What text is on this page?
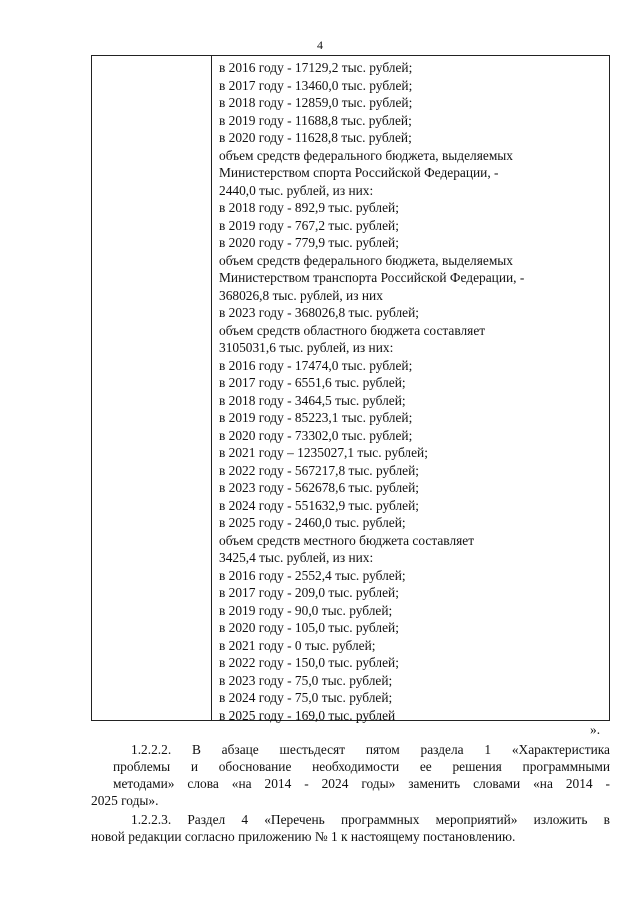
4
в 2016 году - 17129,2 тыс. рублей;
в 2017 году - 13460,0 тыс. рублей;
в 2018 году - 12859,0 тыс. рублей;
в 2019 году - 11688,8 тыс. рублей;
в 2020 году - 11628,8 тыс. рублей;
объем средств федерального бюджета, выделяемых
Министерством спорта Российской Федерации, -
2440,0 тыс. рублей, из них:
в 2018 году - 892,9 тыс. рублей;
в 2019 году - 767,2 тыс. рублей;
в 2020 году - 779,9 тыс. рублей;
объем средств федерального бюджета, выделяемых
Министерством транспорта Российской Федерации, -
368026,8 тыс. рублей, из них
в 2023 году - 368026,8 тыс. рублей;
объем средств областного бюджета составляет
3105031,6 тыс. рублей, из них:
в 2016 году - 17474,0 тыс. рублей;
в 2017 году - 6551,6 тыс. рублей;
в 2018 году - 3464,5 тыс. рублей;
в 2019 году - 85223,1 тыс. рублей;
в 2020 году - 73302,0 тыс. рублей;
в 2021 году – 1235027,1 тыс. рублей;
в 2022 году - 567217,8 тыс. рублей;
в 2023 году - 562678,6 тыс. рублей;
в 2024 году - 551632,9 тыс. рублей;
в 2025 году - 2460,0 тыс. рублей;
объем средств местного бюджета составляет
3425,4 тыс. рублей, из них:
в 2016 году - 2552,4 тыс. рублей;
в 2017 году - 209,0 тыс. рублей;
в 2019 году - 90,0 тыс. рублей;
в 2020 году - 105,0 тыс. рублей;
в 2021 году - 0 тыс. рублей;
в 2022 году - 150,0 тыс. рублей;
в 2023 году - 75,0 тыс. рублей;
в 2024 году - 75,0 тыс. рублей;
в 2025 году - 169,0 тыс. рублей
».
1.2.2.2. В абзаце шестьдесят пятом раздела 1 «Характеристика
проблемы и обоснование необходимости ее решения программными
методами» слова «на 2014 - 2024 годы» заменить словами «на 2014 -
2025 годы».
1.2.2.3. Раздел 4 «Перечень программных мероприятий» изложить в
новой редакции согласно приложению № 1 к настоящему постановлению.
